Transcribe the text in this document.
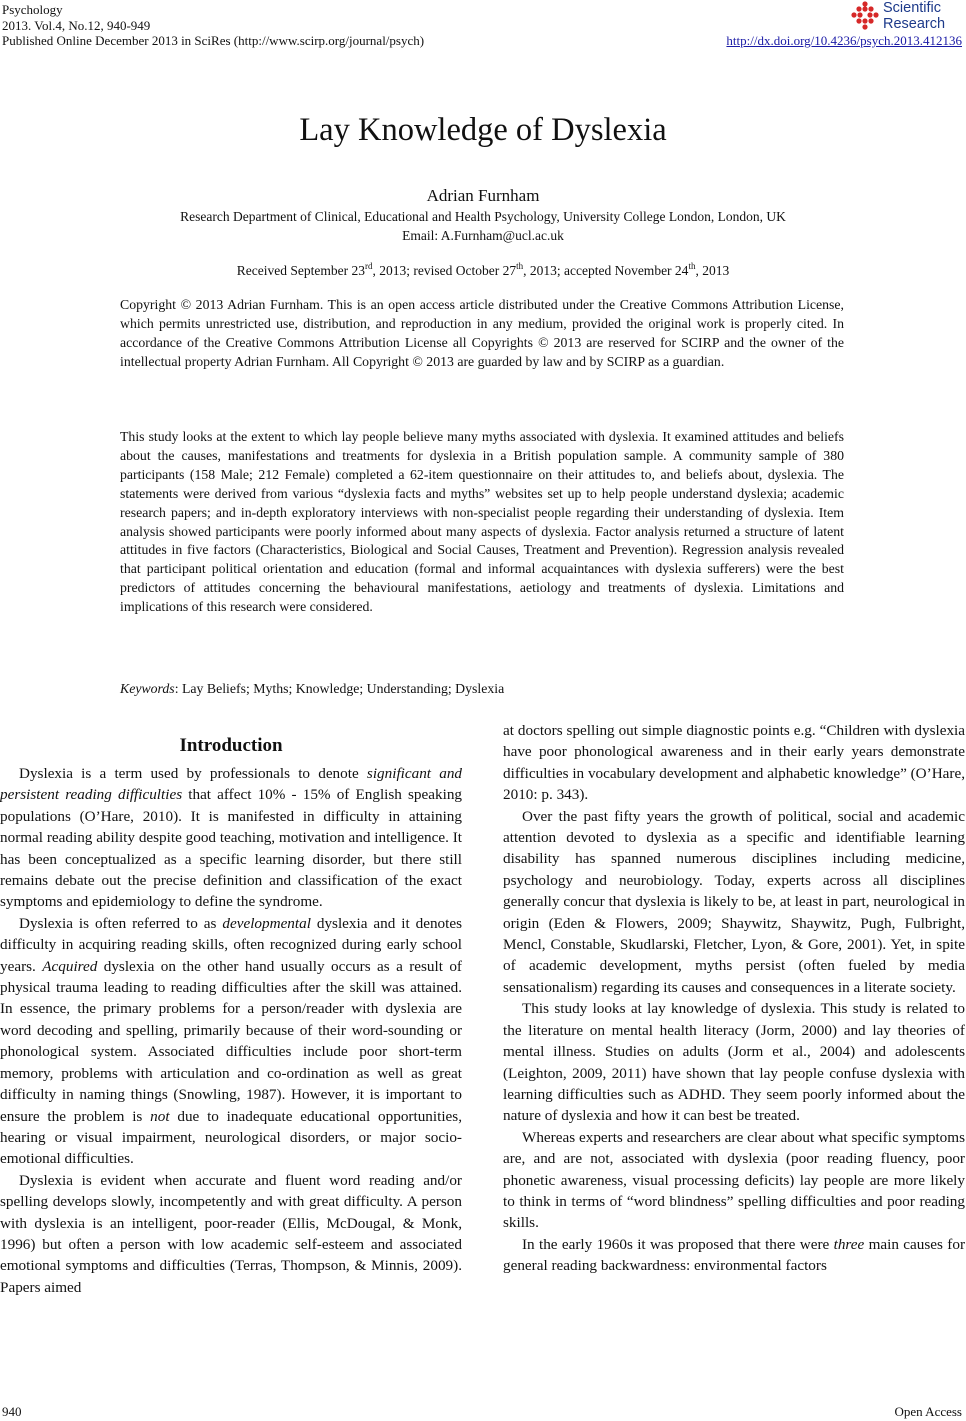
Psychology
2013. Vol.4, No.12, 940-949
Published Online December 2013 in SciRes (http://www.scirp.org/journal/psych)
Scientific
Research
http://dx.doi.org/10.4236/psych.2013.412136
Lay Knowledge of Dyslexia
Adrian Furnham
Research Department of Clinical, Educational and Health Psychology, University College London, London, UK
Email: A.Furnham@ucl.ac.uk
Received September 23rd, 2013; revised October 27th, 2013; accepted November 24th, 2013
Copyright © 2013 Adrian Furnham. This is an open access article distributed under the Creative Commons Attribution License, which permits unrestricted use, distribution, and reproduction in any medium, provided the original work is properly cited. In accordance of the Creative Commons Attribution License all Copyrights © 2013 are reserved for SCIRP and the owner of the intellectual property Adrian Furnham. All Copyright © 2013 are guarded by law and by SCIRP as a guardian.
This study looks at the extent to which lay people believe many myths associated with dyslexia. It examined attitudes and beliefs about the causes, manifestations and treatments for dyslexia in a British population sample. A community sample of 380 participants (158 Male; 212 Female) completed a 62-item questionnaire on their attitudes to, and beliefs about, dyslexia. The statements were derived from various “dyslexia facts and myths” websites set up to help people understand dyslexia; academic research papers; and in-depth exploratory interviews with non-specialist people regarding their understanding of dyslexia. Item analysis showed participants were poorly informed about many aspects of dyslexia. Factor analysis returned a structure of latent attitudes in five factors (Characteristics, Biological and Social Causes, Treatment and Prevention). Regression analysis revealed that participant political orientation and education (formal and informal acquaintances with dyslexia sufferers) were the best predictors of attitudes concerning the behavioural manifestations, aetiology and treatments of dyslexia. Limitations and implications of this research were considered.
Keywords: Lay Beliefs; Myths; Knowledge; Understanding; Dyslexia
Introduction

Dyslexia is a term used by professionals to denote significant and persistent reading difficulties that affect 10% - 15% of English speaking populations (O’Hare, 2010). It is manifested in difficulty in attaining normal reading ability despite good teaching, motivation and intelligence. It has been conceptualized as a specific learning disorder, but there still remains debate out the precise definition and classification of the exact symptoms and epidemiology to define the syndrome.

Dyslexia is often referred to as developmental dyslexia and it denotes difficulty in acquiring reading skills, often recognized during early school years. Acquired dyslexia on the other hand usually occurs as a result of physical trauma leading to reading difficulties after the skill was attained. In essence, the primary problems for a person/reader with dyslexia are word decoding and spelling, primarily because of their word-sounding or phonological system. Associated difficulties include poor short-term memory, problems with articulation and co-ordination as well as great difficulty in naming things (Snowling, 1987). However, it is important to ensure the problem is not due to inadequate educational opportunities, hearing or visual impairment, neurological disorders, or major socio-emotional difficulties.

Dyslexia is evident when accurate and fluent word reading and/or spelling develops slowly, incompetently and with great difficulty. A person with dyslexia is an intelligent, poor-reader (Ellis, McDougal, & Monk, 1996) but often a person with low academic self-esteem and associated emotional symptoms and difficulties (Terras, Thompson, & Minnis, 2009). Papers aimed

at doctors spelling out simple diagnostic points e.g. “Children with dyslexia have poor phonological awareness and in their early years demonstrate difficulties in vocabulary development and alphabetic knowledge” (O’Hare, 2010: p. 343).

Over the past fifty years the growth of political, social and academic attention devoted to dyslexia as a specific and identifiable learning disability has spanned numerous disciplines including medicine, psychology and neurobiology. Today, experts across all disciplines generally concur that dyslexia is likely to be, at least in part, neurological in origin (Eden & Flowers, 2009; Shaywitz, Shaywitz, Pugh, Fulbright, Mencl, Constable, Skudlarski, Fletcher, Lyon, & Gore, 2001). Yet, in spite of academic development, myths persist (often fueled by media sensationalism) regarding its causes and consequences in a literate society.

This study looks at lay knowledge of dyslexia. This study is related to the literature on mental health literacy (Jorm, 2000) and lay theories of mental illness. Studies on adults (Jorm et al., 2004) and adolescents (Leighton, 2009, 2011) have shown that lay people confuse dyslexia with learning difficulties such as ADHD. They seem poorly informed about the nature of dyslexia and how it can best be treated.

Whereas experts and researchers are clear about what specific symptoms are, and are not, associated with dyslexia (poor reading fluency, poor phonetic awareness, visual processing deficits) lay people are more likely to think in terms of “word blindness” spelling difficulties and poor reading skills.

In the early 1960s it was proposed that there were three main causes for general reading backwardness: environmental factors

940	Open Access
